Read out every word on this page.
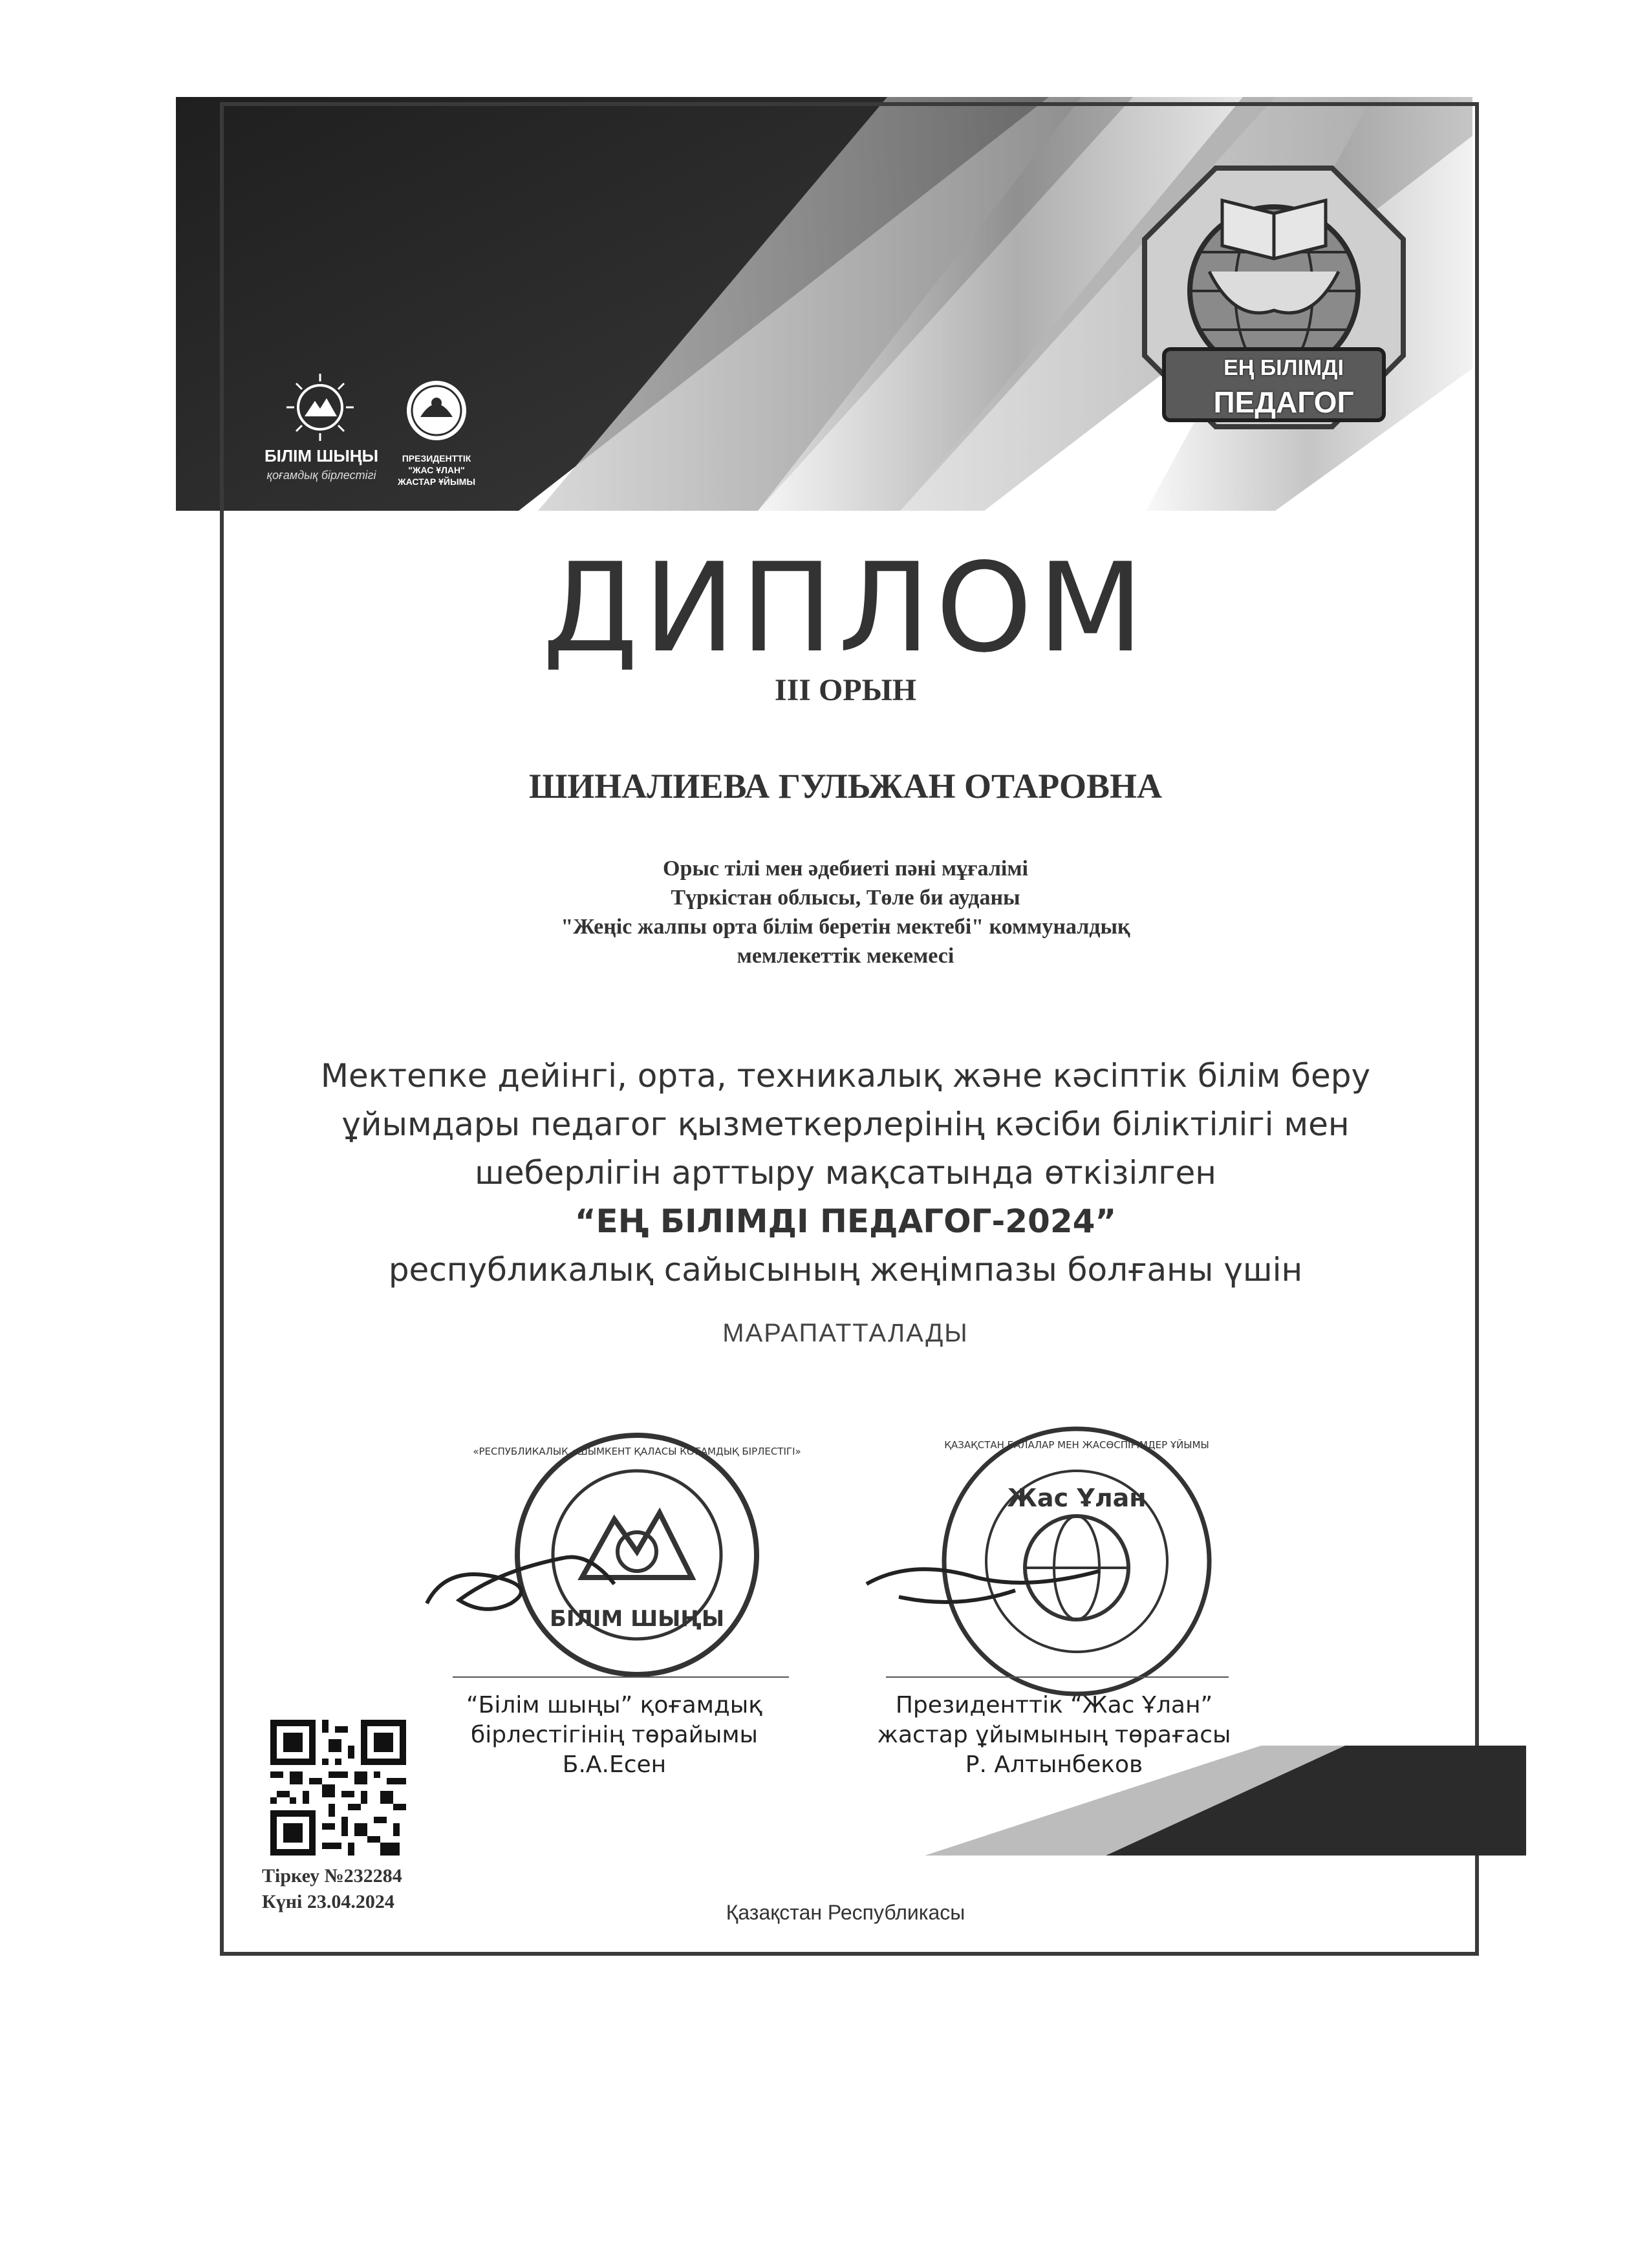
БІЛІМ ШЫҢЫ
қоғамдық бірлестігі
ПРЕЗИДЕНТТІК
"ЖАС ҰЛАН"
ЖАСТАР ҰЙЫМЫ
ЕҢ БІЛІМДІ
ПЕДАГОГ
ДИПЛОМ
III ОРЫН
ШИНАЛИЕВА ГУЛЬЖАН ОТАРОВНА
Орыс тілі мен әдебиеті пәні мұғалімі
Түркістан облысы, Төле би ауданы
"Жеңіс жалпы орта білім беретін мектебі" коммуналдық
мемлекеттік мекемесі
Мектепке дейінгі, орта, техникалық және кәсіптік білім беру
ұйымдары педагог қызметкерлерінің кәсіби біліктілігі мен
шеберлігін арттыру мақсатында өткізілген
“ЕҢ БІЛІМДІ ПЕДАГОГ-2024”
республикалық сайысының жеңімпазы болғаны үшін
МАРАПАТТАЛАДЫ
БІЛІМ ШЫҢЫ
«РЕСПУБЛИКАЛЫҚ «ШЫМКЕНТ ҚАЛАСЫ КОҒАМДЫҚ БІРЛЕСТІГІ»
Жас Ұлан
ҚАЗАҚСТАН БАЛАЛАР МЕН ЖАСӨСПІРІМДЕР ҰЙЫМЫ
“Білім шыңы” қоғамдық
бірлестігінің төрайымы
Б.А.Есен
Президенттік “Жас Ұлан”
жастар ұйымының төрағасы
Р. Алтынбеков
Тіркеу №232284
Күні 23.04.2024	Қазақстан Республикасы
